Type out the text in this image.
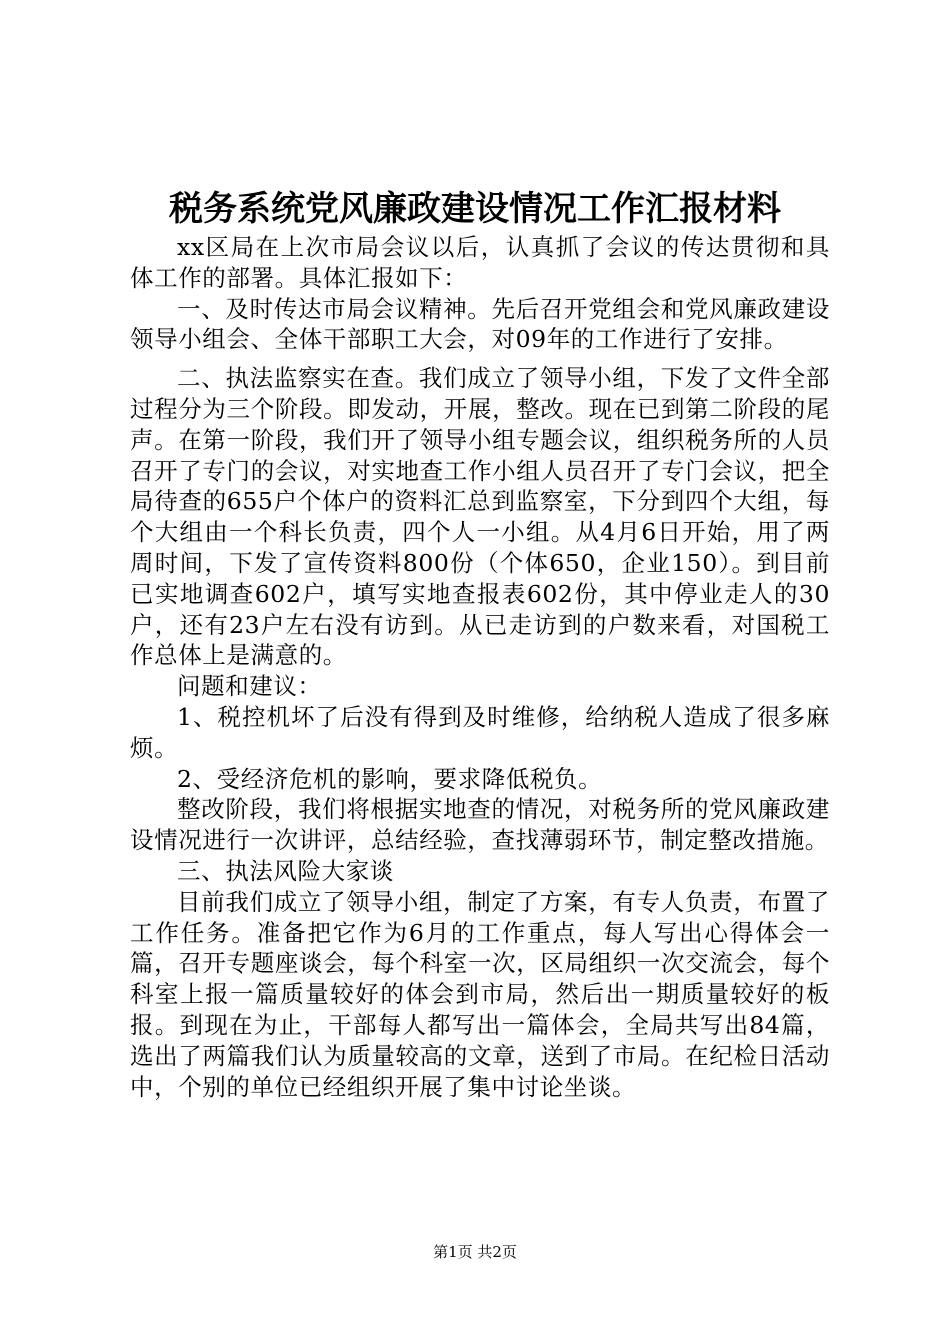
税务系统党风廉政建设情况工作汇报材料

xx区局在上次市局会议以后，认真抓了会议的传达贯彻和具体工作的部署。具体汇报如下：

一、及时传达市局会议精神。先后召开党组会和党风廉政建设领导小组会、全体干部职工大会，对09年的工作进行了安排。

二、执法监察实在查。我们成立了领导小组，下发了文件全部过程分为三个阶段。即发动，开展，整改。现在已到第二阶段的尾声。在第一阶段，我们开了领导小组专题会议，组织税务所的人员召开了专门的会议，对实地查工作小组人员召开了专门会议，把全局待查的655户个体户的资料汇总到监察室，下分到四个大组，每个大组由一个科长负责，四个人一小组。从4月6日开始，用了两周时间，下发了宣传资料800份（个体650，企业150）。到目前已实地调查602户，填写实地查报表602份，其中停业走人的30户，还有23户左右没有访到。从已走访到的户数来看，对国税工作总体上是满意的。

问题和建议：

1、税控机坏了后没有得到及时维修，给纳税人造成了很多麻烦。

2、受经济危机的影响，要求降低税负。

整改阶段，我们将根据实地查的情况，对税务所的党风廉政建设情况进行一次讲评，总结经验，查找薄弱环节，制定整改措施。

三、执法风险大家谈

目前我们成立了领导小组，制定了方案，有专人负责，布置了工作任务。准备把它作为6月的工作重点，每人写出心得体会一篇，召开专题座谈会，每个科室一次，区局组织一次交流会，每个科室上报一篇质量较好的体会到市局，然后出一期质量较好的板报。到现在为止，干部每人都写出一篇体会，全局共写出84篇，选出了两篇我们认为质量较高的文章，送到了市局。在纪检日活动中，个别的单位已经组织开展了集中讨论坐谈。

第1页 共2页
